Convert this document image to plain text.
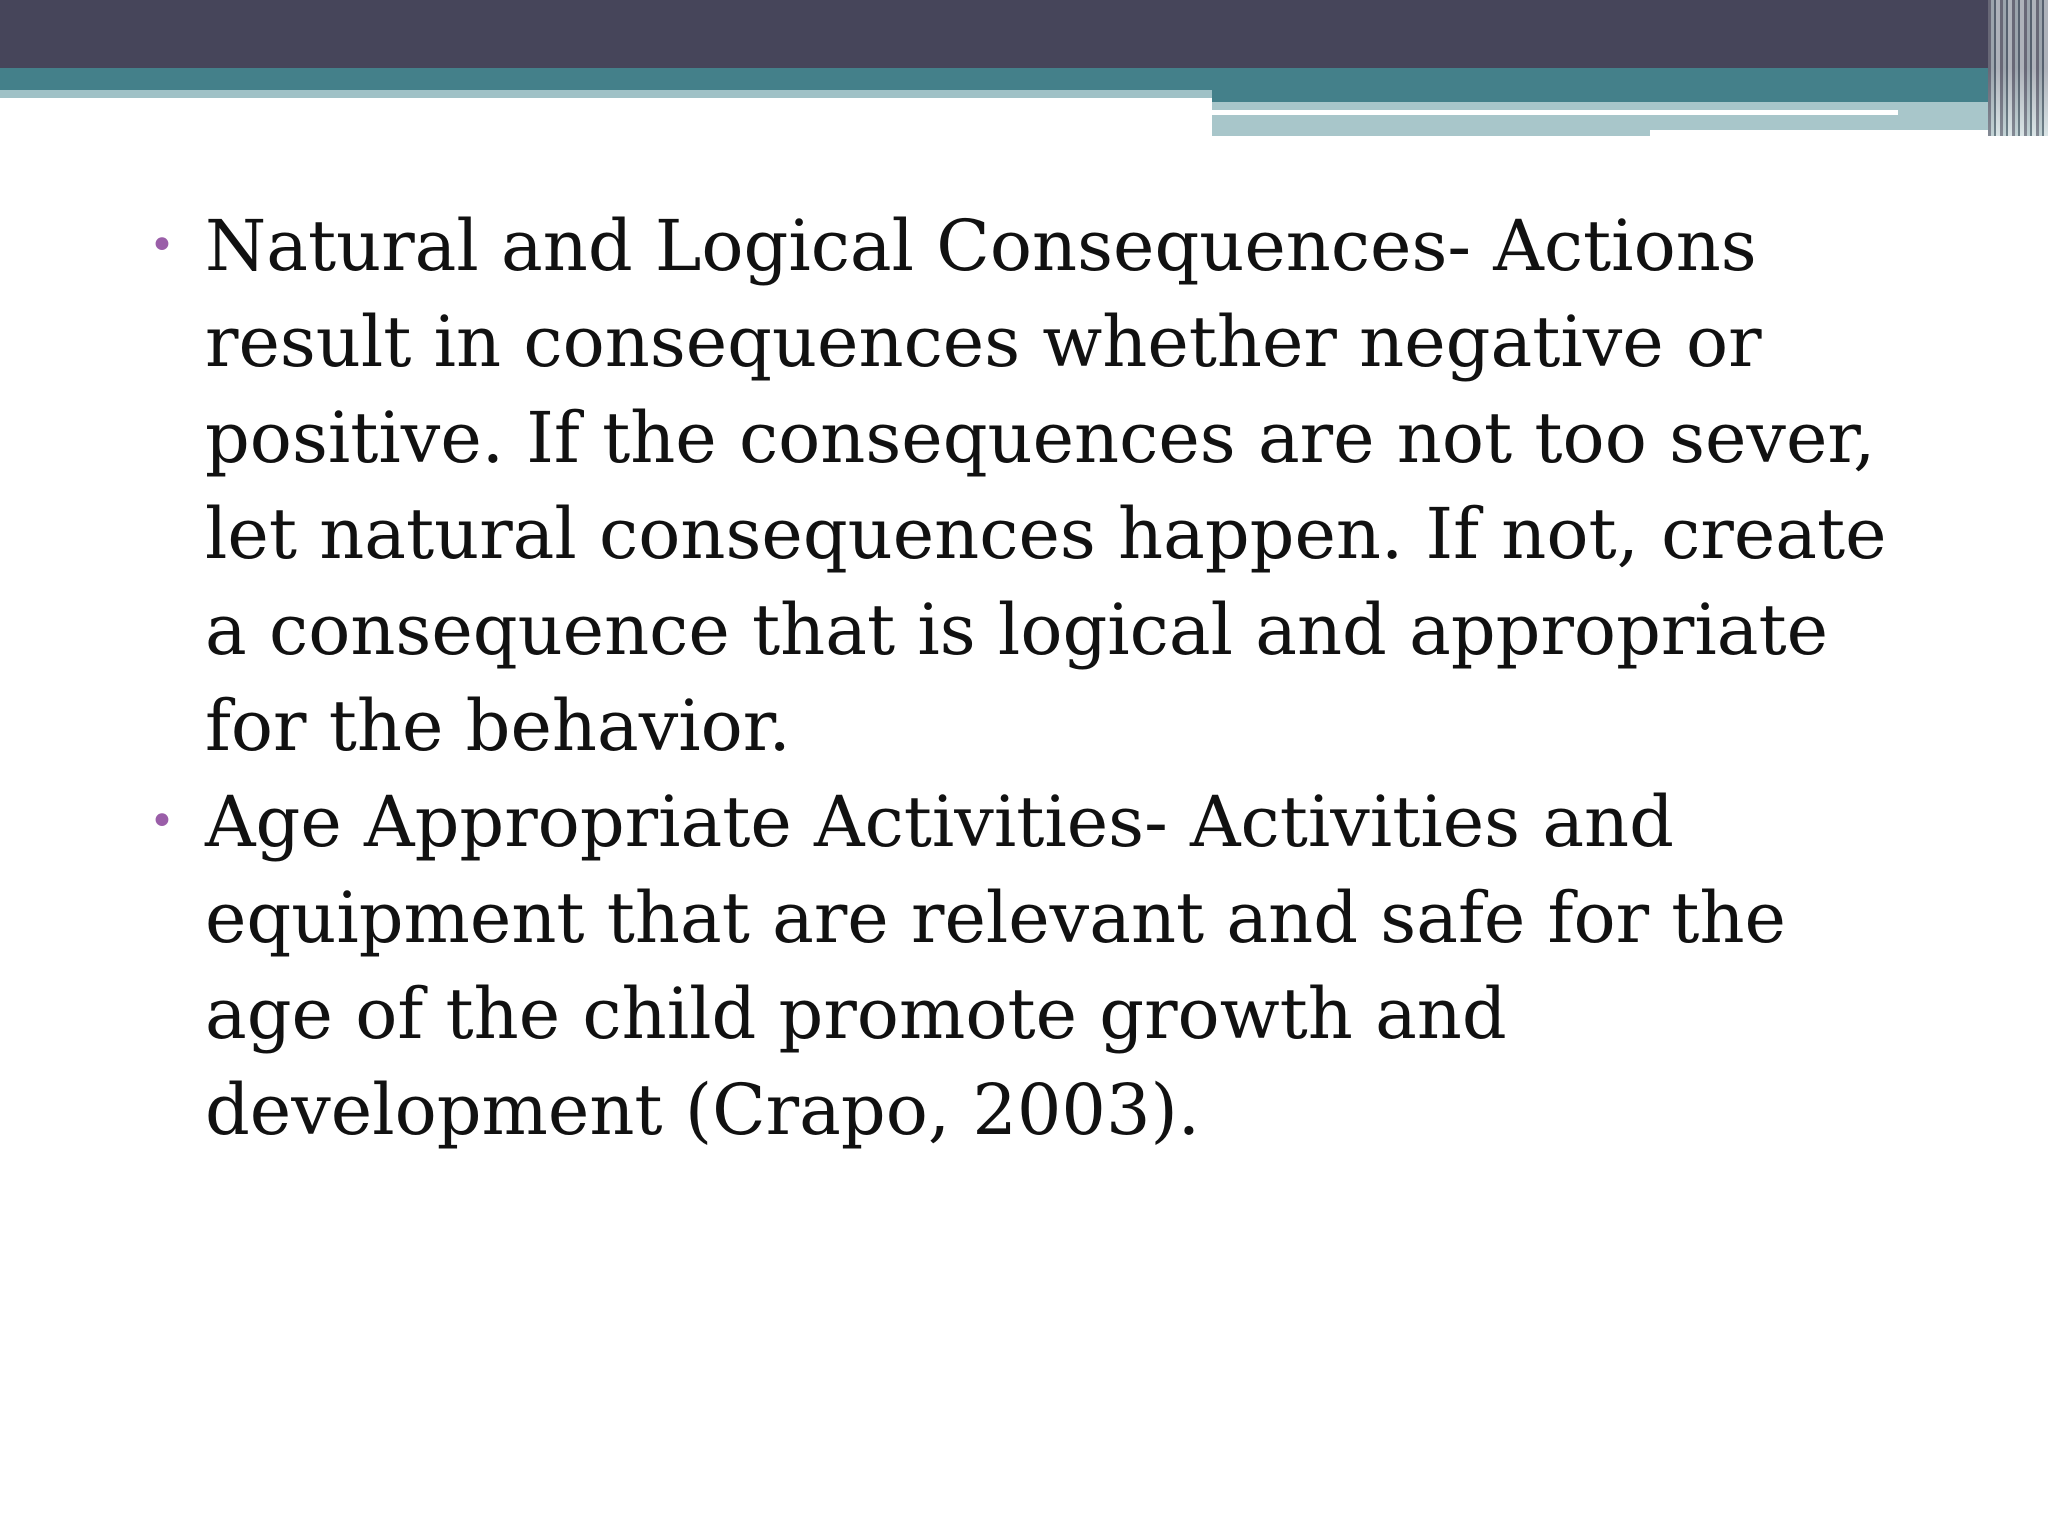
• Natural and Logical Consequences- Actions result in consequences whether negative or positive. If the consequences are not too sever, let natural consequences happen. If not, create a consequence that is logical and appropriate for the behavior.
• Age Appropriate Activities- Activities and equipment that are relevant and safe for the age of the child promote growth and development (Crapo, 2003).
